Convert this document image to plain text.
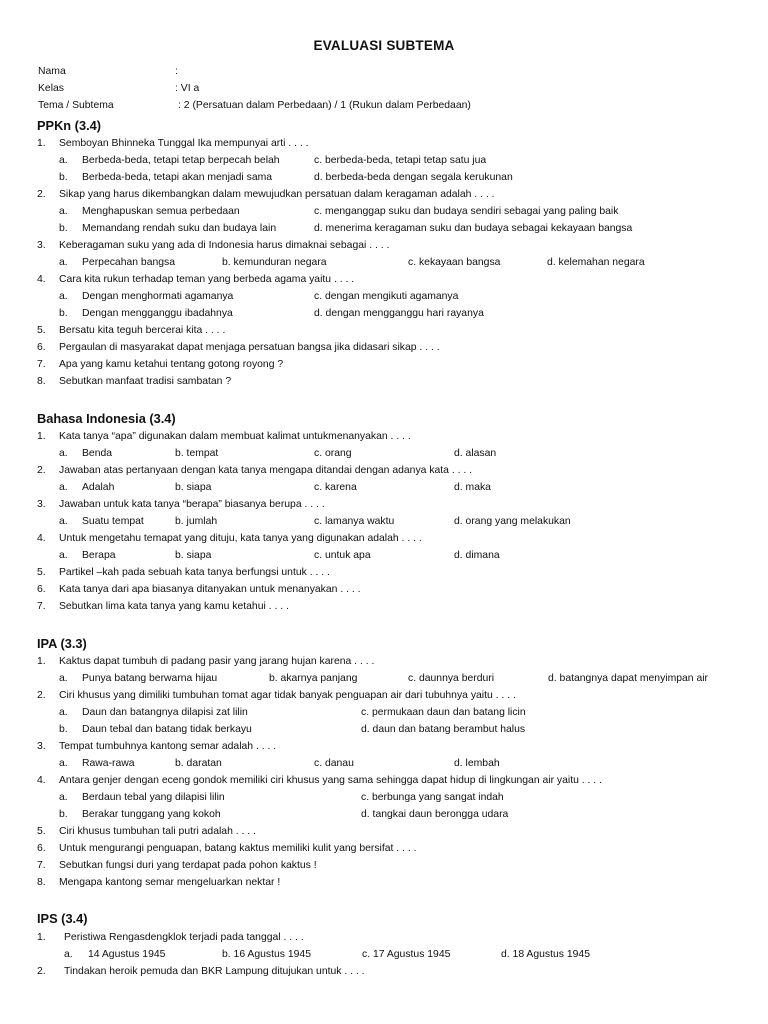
EVALUASI SUBTEMA
Nama	:
Kelas	: VI a
Tema / Subtema	: 2 (Persatuan dalam Perbedaan) / 1 (Rukun dalam Perbedaan)
PPKn (3.4)
1. Semboyan Bhinneka Tunggal Ika mempunyai arti . . . .
a. Berbeda-beda, tetapi tetap berpecah belah	c. berbeda-beda, tetapi tetap satu jua
b. Berbeda-beda, tetapi akan menjadi sama	d. berbeda-beda dengan segala kerukunan
2. Sikap yang harus dikembangkan dalam mewujudkan persatuan dalam keragaman adalah . . . .
a. Menghapuskan semua perbedaan	c. menganggap suku dan budaya sendiri sebagai yang paling baik
b. Memandang rendah suku dan budaya lain	d. menerima keragaman suku dan budaya sebagai kekayaan bangsa
3. Keberagaman suku yang ada di Indonesia harus dimaknai sebagai . . . .
a. Perpecahan bangsa	b. kemunduran negara	c. kekayaan bangsa	d. kelemahan negara
4. Cara kita rukun terhadap teman yang berbeda agama yaitu . . . .
a. Dengan menghormati agamanya	c. dengan mengikuti agamanya
b. Dengan mengganggu ibadahnya	d. dengan mengganggu hari rayanya
5. Bersatu kita teguh bercerai kita . . . .
6. Pergaulan di masyarakat dapat menjaga persatuan bangsa jika didasari sikap . . . .
7. Apa yang kamu ketahui tentang gotong royong ?
8. Sebutkan manfaat tradisi sambatan ?
Bahasa Indonesia (3.4)
1. Kata tanya “apa” digunakan dalam membuat kalimat untukmenanyakan . . . .
a. Benda	b. tempat	c. orang	d. alasan
2. Jawaban atas pertanyaan dengan kata tanya mengapa ditandai dengan adanya kata . . . .
a. Adalah	b. siapa	c. karena	d. maka
3. Jawaban untuk kata tanya “berapa” biasanya berupa . . . .
a. Suatu tempat	b. jumlah	c. lamanya waktu	d. orang yang melakukan
4. Untuk mengetahu temapat yang dituju, kata tanya yang digunakan adalah . . . .
a. Berapa	b. siapa	c. untuk apa	d. dimana
5. Partikel –kah pada sebuah kata tanya berfungsi untuk . . . .
6. Kata tanya dari apa biasanya ditanyakan untuk menanyakan . . . .
7. Sebutkan lima kata tanya yang kamu ketahui . . . .
IPA (3.3)
1. Kaktus dapat tumbuh di padang pasir yang jarang hujan karena . . . .
a. Punya batang berwarna hijau	b. akarnya panjang	c. daunnya berduri	d. batangnya dapat menyimpan air
2. Ciri khusus yang dimiliki tumbuhan tomat agar tidak banyak penguapan air dari tubuhnya yaitu . . . .
a. Daun dan batangnya dilapisi zat lilin	c. permukaan daun dan batang licin
b. Daun tebal dan batang tidak berkayu	d. daun dan batang berambut halus
3. Tempat tumbuhnya kantong semar adalah . . . .
a. Rawa-rawa	b. daratan	c. danau	d. lembah
4. Antara genjer dengan eceng gondok memiliki ciri khusus yang sama sehingga dapat hidup di lingkungan air yaitu . . . .
a. Berdaun tebal yang dilapisi lilin	c. berbunga yang sangat indah
b. Berakar tunggang yang kokoh	d. tangkai daun berongga udara
5. Ciri khusus tumbuhan tali putri adalah . . . .
6. Untuk mengurangi penguapan, batang kaktus memiliki kulit yang bersifat . . . .
7. Sebutkan fungsi duri yang terdapat pada pohon kaktus !
8. Mengapa kantong semar mengeluarkan nektar !
IPS (3.4)
1. Peristiwa Rengasdengklok terjadi pada tanggal . . . .
a. 14 Agustus 1945	b. 16 Agustus 1945	c. 17 Agustus 1945	d. 18 Agustus 1945
2. Tindakan heroik pemuda dan BKR Lampung ditujukan untuk . . . .
